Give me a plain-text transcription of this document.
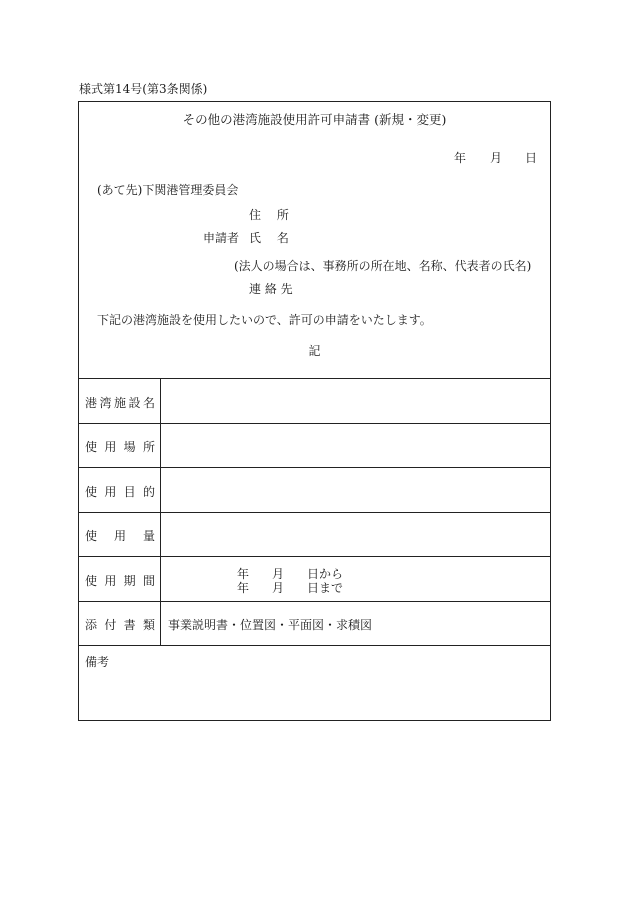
様式第14号(第3条関係)
その他の港湾施設使用許可申請書 (新規・変更)
年 月 日
(あて先)下関港管理委員会
住 所
申請者 氏 名
(法人の場合は、事務所の所在地、名称、代表者の氏名)
連 絡 先
下記の港湾施設を使用したいので、許可の申請をいたします。
記
港 湾 施 設 名
使 用 場 所
使 用 目 的
使 用 量
使 用 期 間	年 月 日から
年 月 日まで
添 付 書 類 事業説明書・位置図・平面図・求積図
備考
